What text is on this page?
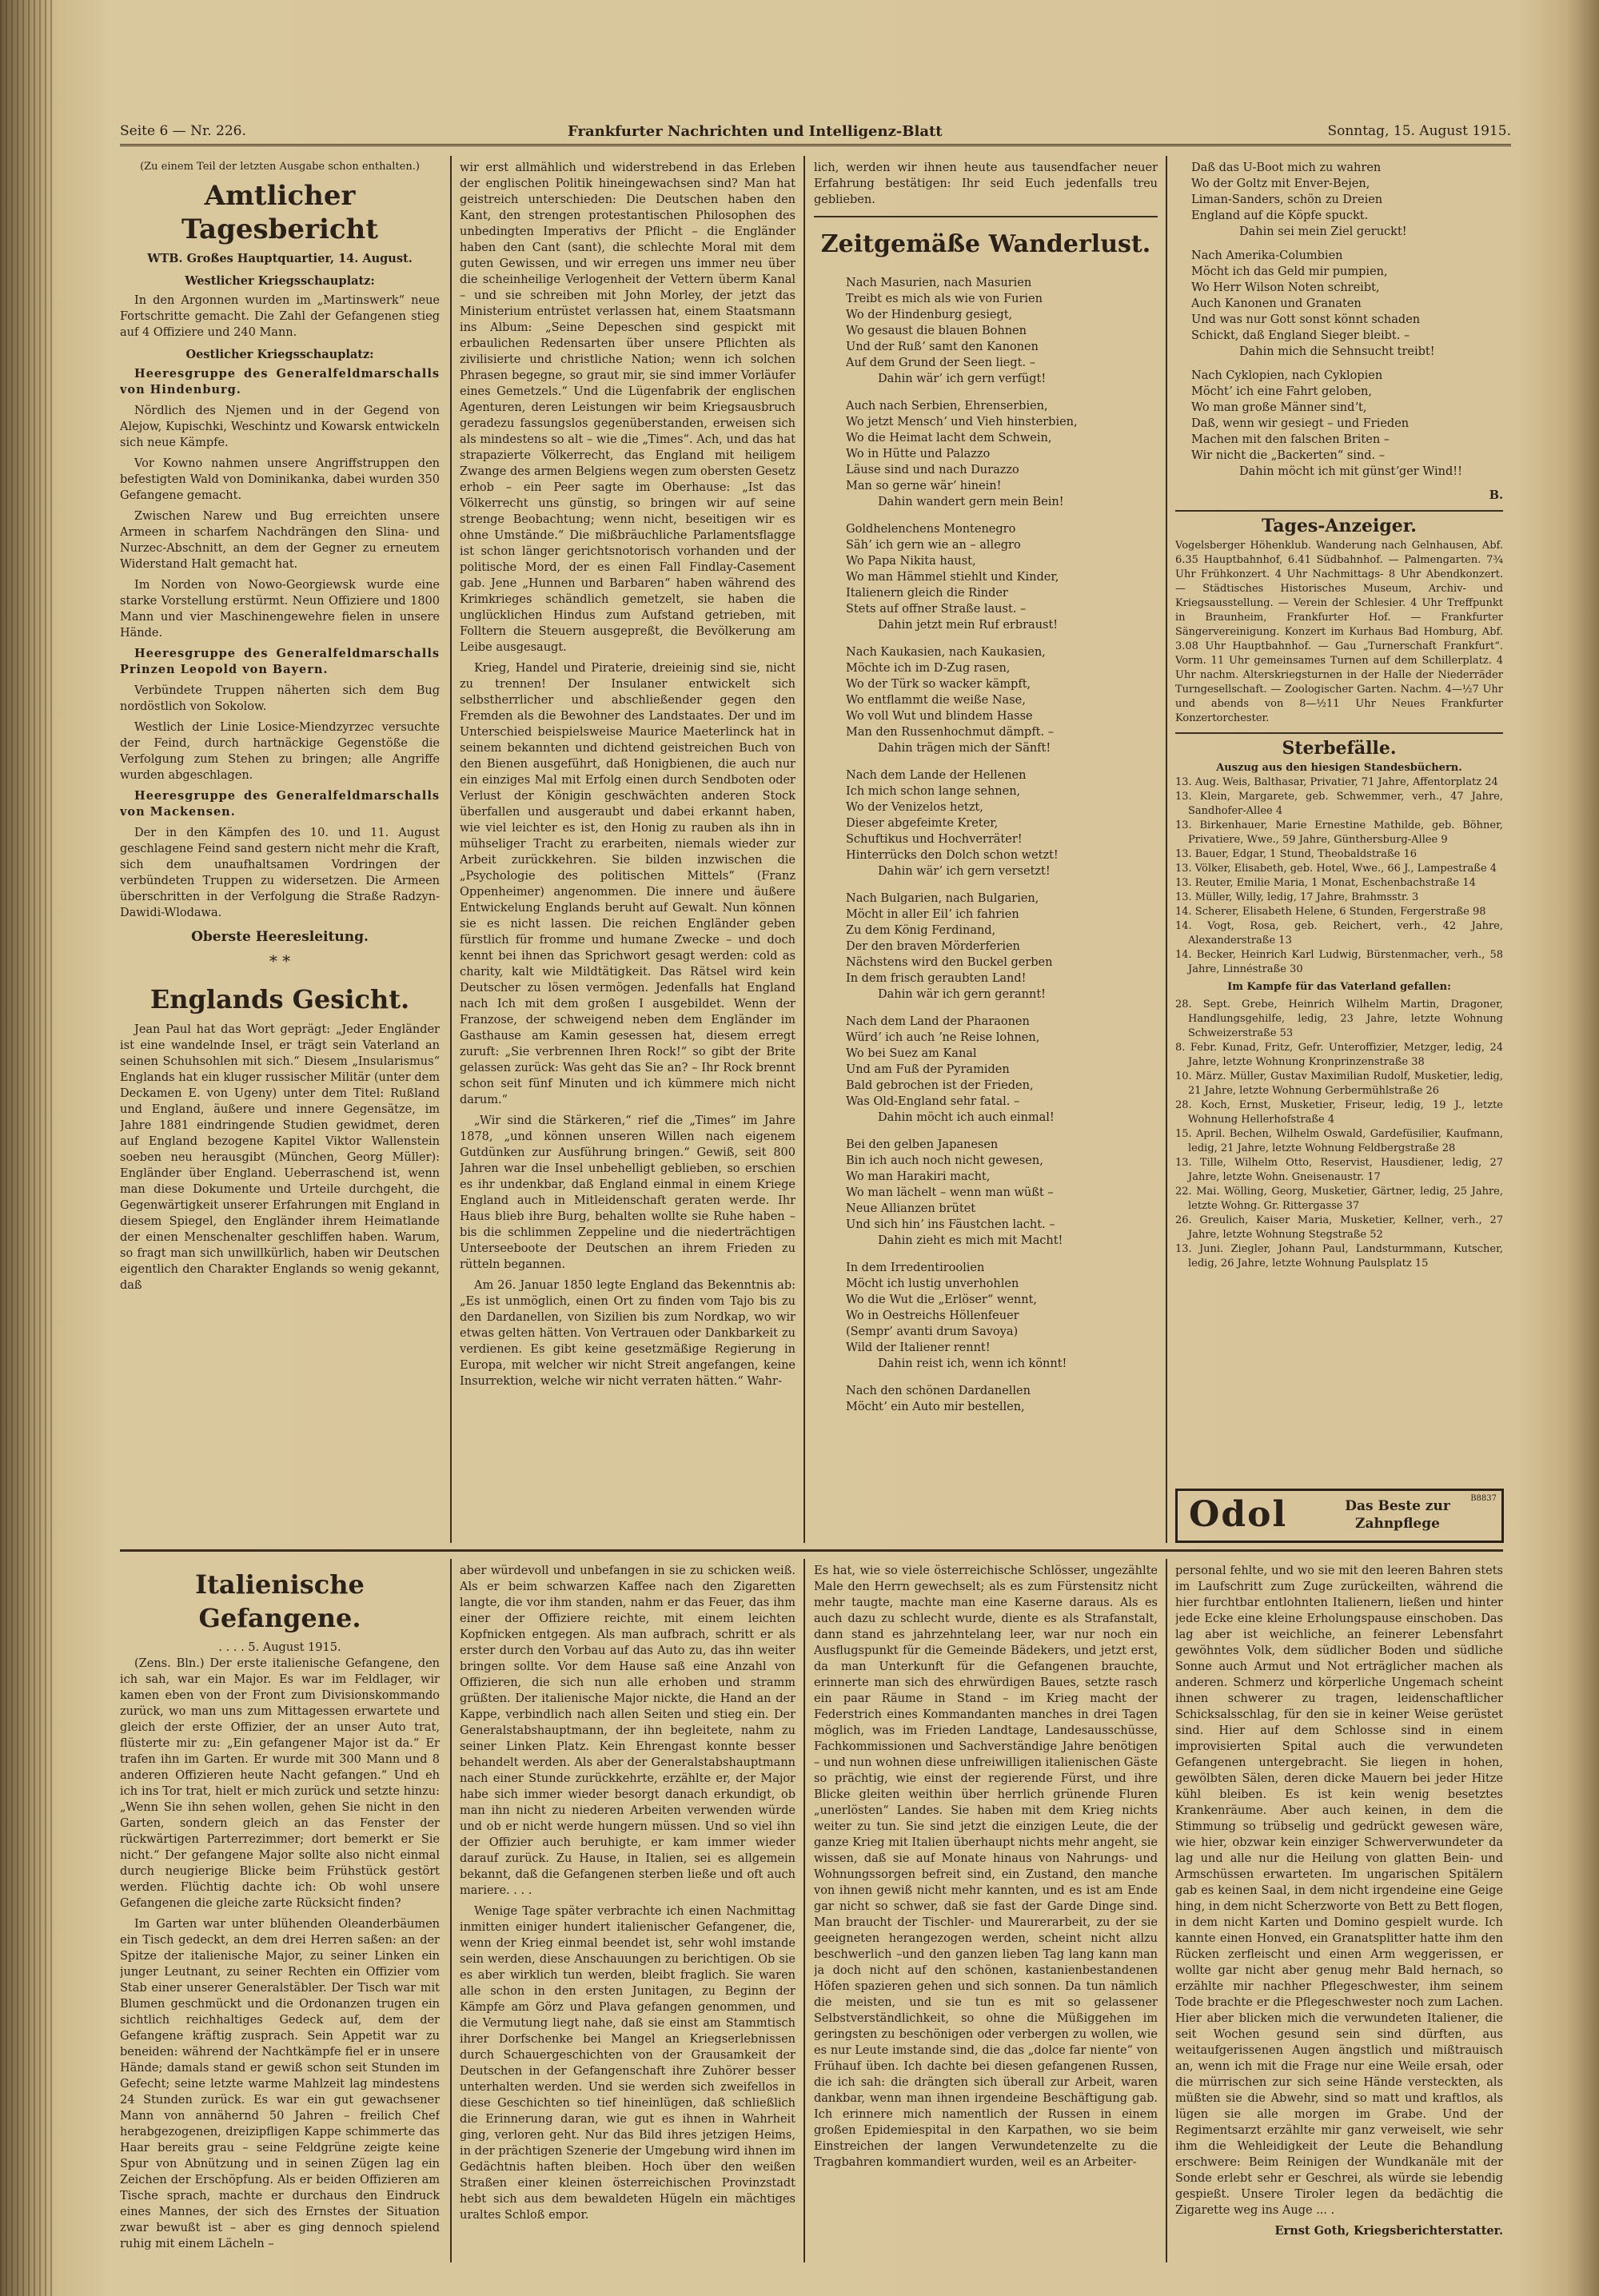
Seite 6 — Nr. 226.	Frankfurter Nachrichten und Intelligenz-Blatt	Sonntag, 15. August 1915.
(Zu einem Teil der letzten Ausgabe schon enthalten.)
Amtlicher Tagesbericht
WTB. Großes Hauptquartier, 14. August.
Westlicher Kriegsschauplatz:

In den Argonnen wurden im „Martinswerk“ neue Fortschritte gemacht. Die Zahl der Gefangenen stieg auf 4 Offiziere und 240 Mann.

Oestlicher Kriegsschauplatz:

Heeresgruppe des Generalfeldmarschalls von Hindenburg.

Nördlich des Njemen und in der Gegend von Alejow, Kupischki, Weschintz und Kowarsk entwickeln sich neue Kämpfe.

Vor Kowno nahmen unsere Angriffstruppen den befestigten Wald von Dominikanka, dabei wurden 350 Gefangene gemacht.

Zwischen Narew und Bug erreichten unsere Armeen in scharfem Nachdrängen den Slina- und Nurzec-Abschnitt, an dem der Gegner zu erneutem Widerstand Halt gemacht hat.

Im Norden von Nowo-Georgiewsk wurde eine starke Vorstellung erstürmt. Neun Offiziere und 1800 Mann und vier Maschinengewehre fielen in unsere Hände.

Heeresgruppe des Generalfeldmarschalls Prinzen Leopold von Bayern.

Verbündete Truppen näherten sich dem Bug nordöstlich von Sokolow.

Westlich der Linie Losice-Miendzyrzec versuchte der Feind, durch hartnäckige Gegenstöße die Verfolgung zum Stehen zu bringen; alle Angriffe wurden abgeschlagen.

Heeresgruppe des Generalfeldmarschalls von Mackensen.

Der in den Kämpfen des 10. und 11. August geschlagene Feind sand gestern nicht mehr die Kraft, sich dem unaufhaltsamen Vordringen der verbündeten Truppen zu widersetzen. Die Armeen überschritten in der Verfolgung die Straße Radzyn-Dawidi-Wlodawa.

Oberste Heeresleitung.
* *
Englands Gesicht.

Jean Paul hat das Wort geprägt: „Jeder Engländer ist eine wandelnde Insel, er trägt sein Vaterland an seinen Schuhsohlen mit sich.“ Diesem „Insularismus“ Englands hat ein kluger russischer Militär (unter dem Deckamen E. von Ugeny) unter dem Titel: Rußland und England, äußere und innere Gegensätze, im Jahre 1881 eindringende Studien gewidmet, deren auf England bezogene Kapitel Viktor Wallenstein soeben neu herausgibt (München, Georg Müller): Engländer über England. Ueberraschend ist, wenn man diese Dokumente und Urteile durchgeht, die Gegenwärtigkeit unserer Erfahrungen mit England in diesem Spiegel, den Engländer ihrem Heimatlande der einen Menschenalter geschliffen haben. Warum, so fragt man sich unwillkürlich, haben wir Deutschen eigentlich den Charakter Englands so wenig gekannt, daß

wir erst allmählich und widerstrebend in das Erleben der englischen Politik hineingewachsen sind? Man hat geistreich unterschieden: Die Deutschen haben den Kant, den strengen protestantischen Philosophen des unbedingten Imperativs der Pflicht – die Engländer haben den Cant (sant), die schlechte Moral mit dem guten Gewissen, und wir erregen uns immer neu über die scheinheilige Verlogenheit der Vettern überm Kanal – und sie schreiben mit John Morley, der jetzt das Ministerium entrüstet verlassen hat, einem Staatsmann ins Album: „Seine Depeschen sind gespickt mit erbaulichen Redensarten über unsere Pflichten als zivilisierte und christliche Nation; wenn ich solchen Phrasen begegne, so graut mir, sie sind immer Vorläufer eines Gemetzels.“ Und die Lügenfabrik der englischen Agenturen, deren Leistungen wir beim Kriegsausbruch geradezu fassungslos gegenüberstanden, erweisen sich als mindestens so alt – wie die „Times“. Ach, und das hat strapazierte Völkerrecht, das England mit heiligem Zwange des armen Belgiens wegen zum obersten Gesetz erhob – ein Peer sagte im Oberhause: „Ist das Völkerrecht uns günstig, so bringen wir auf seine strenge Beobachtung; wenn nicht, beseitigen wir es ohne Umstände.“ Die mißbräuchliche Parlamentsflagge ist schon länger gerichtsnotorisch vorhanden und der politische Mord, der es einen Fall Findlay-Casement gab. Jene „Hunnen und Barbaren“ haben während des Krimkrieges schändlich gemetzelt, sie haben die unglücklichen Hindus zum Aufstand getrieben, mit Folltern die Steuern ausgepreßt, die Bevölkerung am Leibe ausgesaugt.

Krieg, Handel und Piraterie, dreieinig sind sie, nicht zu trennen! Der Insulaner entwickelt sich selbstherrlicher und abschließender gegen den Fremden als die Bewohner des Landstaates. Der und im Unterschied beispielsweise Maurice Maeterlinck hat in seinem bekannten und dichtend geistreichen Buch von den Bienen ausgeführt, daß Honigbienen, die auch nur ein einziges Mal mit Erfolg einen durch Sendboten oder Verlust der Königin geschwächten anderen Stock überfallen und ausgeraubt und dabei erkannt haben, wie viel leichter es ist, den Honig zu rauben als ihn in mühseliger Tracht zu erarbeiten, niemals wieder zur Arbeit zurückkehren. Sie bilden inzwischen die „Psychologie des politischen Mittels“ (Franz Oppenheimer) angenommen. Die innere und äußere Entwickelung Englands beruht auf Gewalt. Nun können sie es nicht lassen. Die reichen Engländer geben fürstlich für fromme und humane Zwecke – und doch kennt bei ihnen das Sprichwort gesagt werden: cold as charity, kalt wie Mildtätigkeit. Das Rätsel wird kein Deutscher zu lösen vermögen. Jedenfalls hat England nach Ich mit dem großen I ausgebildet. Wenn der Franzose, der schweigend neben dem Engländer im Gasthause am Kamin gesessen hat, diesem erregt zuruft: „Sie verbrennen Ihren Rock!“ so gibt der Brite gelassen zurück: Was geht das Sie an? – Ihr Rock brennt schon seit fünf Minuten und ich kümmere mich nicht darum.“

„Wir sind die Stärkeren,“ rief die „Times“ im Jahre 1878, „und können unseren Willen nach eigenem Gutdünken zur Ausführung bringen.“ Gewiß, seit 800 Jahren war die Insel unbehelligt geblieben, so erschien es ihr undenkbar, daß England einmal in einem Kriege England auch in Mitleidenschaft geraten werde. Ihr Haus blieb ihre Burg, behalten wollte sie Ruhe haben – bis die schlimmen Zeppeline und die niederträchtigen Unterseeboote der Deutschen an ihrem Frieden zu rütteln begannen.

Am 26. Januar 1850 legte England das Bekenntnis ab: „Es ist unmöglich, einen Ort zu finden vom Tajo bis zu den Dardanellen, von Sizilien bis zum Nordkap, wo wir etwas gelten hätten. Von Vertrauen oder Dankbarkeit zu verdienen. Es gibt keine gesetzmäßige Regierung in Europa, mit welcher wir nicht Streit angefangen, keine Insurrektion, welche wir nicht verraten hätten.“ Wahr-

lich, werden wir ihnen heute aus tausendfacher neuer Erfahrung bestätigen: Ihr seid Euch jedenfalls treu geblieben.

Zeitgemäße Wanderlust.

Nach Masurien, nach Masurien

Treibt es mich als wie von Furien

Wo der Hindenburg gesiegt,

Wo gesaust die blauen Bohnen

Und der Rußʼ samt den Kanonen

Auf dem Grund der Seen liegt. –

Dahin wärʼ ich gern verfügt!

Auch nach Serbien, Ehrenserbien,

Wo jetzt Menschʼ und Vieh hinsterbien,

Wo die Heimat lacht dem Schwein,

Wo in Hütte und Palazzo

Läuse sind und nach Durazzo

Man so gerne wärʼ hinein!

Dahin wandert gern mein Bein!

Goldhelenchens Montenegro

Sähʼ ich gern wie an – allegro

Wo Papa Nikita haust,

Wo man Hämmel stiehlt und Kinder,

Italienern gleich die Rinder

Stets auf offner Straße laust. –

Dahin jetzt mein Ruf erbraust!

Nach Kaukasien, nach Kaukasien,

Möchte ich im D-Zug rasen,

Wo der Türk so wacker kämpft,

Wo entflammt die weiße Nase,

Wo voll Wut und blindem Hasse

Man den Russenhochmut dämpft. –

Dahin trägen mich der Sänft!

Nach dem Lande der Hellenen

Ich mich schon lange sehnen,

Wo der Venizelos hetzt,

Dieser abgefeimte Kreter,

Schuftikus und Hochverräter!

Hinterrücks den Dolch schon wetzt!

Dahin wärʼ ich gern versetzt!

Nach Bulgarien, nach Bulgarien,

Möcht in aller Eilʼ ich fahrien

Zu dem König Ferdinand,

Der den braven Mörderferien

Nächstens wird den Buckel gerben

In dem frisch geraubten Land!

Dahin wär ich gern gerannt!

Nach dem Land der Pharaonen

Würdʼ ich auch ʼne Reise lohnen,

Wo bei Suez am Kanal

Und am Fuß der Pyramiden

Bald gebrochen ist der Frieden,

Was Old-England sehr fatal. –

Dahin möcht ich auch einmal!

Bei den gelben Japanesen

Bin ich auch noch nicht gewesen,

Wo man Harakiri macht,

Wo man lächelt – wenn man wüßt –

Neue Allianzen brütet

Und sich hinʼ ins Fäustchen lacht. –

Dahin zieht es mich mit Macht!

In dem Irredentiroolien

Möcht ich lustig unverhohlen

Wo die Wut die „Erlöser“ wennt,

Wo in Oestreichs Höllenfeuer

(Sempr’ avanti drum Savoya)

Wild der Italiener rennt!

Dahin reist ich, wenn ich könnt!

Nach den schönen Dardanellen

Möchtʼ ein Auto mir bestellen,

Daß das U-Boot mich zu wahren

Wo der Goltz mit Enver-Bejen,

Liman-Sanders, schön zu Dreien

England auf die Köpfe spuckt.

Dahin sei mein Ziel geruckt!

Nach Amerika-Columbien

Möcht ich das Geld mir pumpien,

Wo Herr Wilson Noten schreibt,

Auch Kanonen und Granaten

Und was nur Gott sonst könnt schaden

Schickt, daß England Sieger bleibt. –

Dahin mich die Sehnsucht treibt!

Nach Cyklopien, nach Cyklopien

Möchtʼ ich eine Fahrt geloben,

Wo man große Männer sindʼt,

Daß, wenn wir gesiegt – und Frieden

Machen mit den falschen Briten –

Wir nicht die „Backerten“ sind. –

Dahin möcht ich mit günstʼger Wind!!

B.
Tages-Anzeiger.

Vogelsberger Höhenklub. Wanderung nach Gelnhausen, Abf. 6.35 Hauptbahnhof, 6.41 Südbahnhof. — Palmengarten. 7¾ Uhr Frühkonzert. 4 Uhr Nachmittags- 8 Uhr Abendkonzert. — Städtisches Historisches Museum, Archiv- und Kriegsausstellung. — Verein der Schlesier. 4 Uhr Treffpunkt in Braunheim, Frankfurter Hof. — Frankfurter Sängervereinigung. Konzert im Kurhaus Bad Homburg, Abf. 3.08 Uhr Hauptbahnhof. — Gau „Turnerschaft Frankfurt“. Vorm. 11 Uhr gemeinsames Turnen auf dem Schillerplatz. 4 Uhr nachm. Alterskriegsturnen in der Halle der Niederräder Turngesellschaft. — Zoologischer Garten. Nachm. 4—½7 Uhr und abends von 8—½11 Uhr Neues Frankfurter Konzertorchester.

Sterbefälle.
Auszug aus den hiesigen Standesbüchern.
13. Aug. Weis, Balthasar, Privatier, 71 Jahre, Affentorplatz 24
13. Klein, Margarete, geb. Schwemmer, verh., 47 Jahre, Sandhofer-Allee 4
13. Birkenhauer, Marie Ernestine Mathilde, geb. Böhner, Privatiere, Wwe., 59 Jahre, Günthersburg-Allee 9
13. Bauer, Edgar, 1 Stund, Theobaldstraße 16
13. Völker, Elisabeth, geb. Hotel, Wwe., 66 J., Lampestraße 4
13. Reuter, Emilie Maria, 1 Monat, Eschenbachstraße 14
13. Müller, Willy, ledig, 17 Jahre, Brahmsstr. 3
14. Scherer, Elisabeth Helene, 6 Stunden, Fergerstraße 98
14. Vogt, Rosa, geb. Reichert, verh., 42 Jahre, Alexanderstraße 13
14. Becker, Heinrich Karl Ludwig, Bürstenmacher, verh., 58 Jahre, Linnéstraße 30
Im Kampfe für das Vaterland gefallen:
28. Sept. Grebe, Heinrich Wilhelm Martin, Dragoner, Handlungsgehilfe, ledig, 23 Jahre, letzte Wohnung Schweizerstraße 53
8. Febr. Kunad, Fritz, Gefr. Unteroffizier, Metzger, ledig, 24 Jahre, letzte Wohnung Kronprinzenstraße 38
10. März. Müller, Gustav Maximilian Rudolf, Musketier, ledig, 21 Jahre, letzte Wohnung Gerbermühlstraße 26
28. Koch, Ernst, Musketier, Friseur, ledig, 19 J., letzte Wohnung Hellerhofstraße 4
15. April. Bechen, Wilhelm Oswald, Gardefüsilier, Kaufmann, ledig, 21 Jahre, letzte Wohnung Feldbergstraße 28
13. Tille, Wilhelm Otto, Reservist, Hausdiener, ledig, 27 Jahre, letzte Wohn. Gneisenaustr. 17
22. Mai. Wölling, Georg, Musketier, Gärtner, ledig, 25 Jahre, letzte Wohng. Gr. Rittergasse 37
26. Greulich, Kaiser Maria, Musketier, Kellner, verh., 27 Jahre, letzte Wohnung Stegstraße 52
13. Juni. Ziegler, Johann Paul, Landsturmmann, Kutscher, ledig, 26 Jahre, letzte Wohnung Paulsplatz 15
Odol	Das Beste zur Zahnpflege
B8837
Italienische Gefangene.
. . . . 5. August 1915.

(Zens. Bln.) Der erste italienische Gefangene, den ich sah, war ein Major. Es war im Feldlager, wir kamen eben von der Front zum Divisionskommando zurück, wo man uns zum Mittagessen erwartete und gleich der erste Offizier, der an unser Auto trat, flüsterte mir zu: „Ein gefangener Major ist da.“ Er trafen ihn im Garten. Er wurde mit 300 Mann und 8 anderen Offizieren heute Nacht gefangen.“ Und eh ich ins Tor trat, hielt er mich zurück und setzte hinzu: „Wenn Sie ihn sehen wollen, gehen Sie nicht in den Garten, sondern gleich an das Fenster der rückwärtigen Parterrezimmer; dort bemerkt er Sie nicht.“ Der gefangene Major sollte also nicht einmal durch neugierige Blicke beim Frühstück gestört werden. Flüchtig dachte ich: Ob wohl unsere Gefangenen die gleiche zarte Rücksicht finden?

Im Garten war unter blühenden Oleanderbäumen ein Tisch gedeckt, an dem drei Herren saßen: an der Spitze der italienische Major, zu seiner Linken ein junger Leutnant, zu seiner Rechten ein Offizier vom Stab einer unserer Generalstäbler. Der Tisch war mit Blumen geschmückt und die Ordonanzen trugen ein sichtlich reichhaltiges Gedeck auf, dem der Gefangene kräftig zusprach. Sein Appetit war zu beneiden: während der Nachtkämpfe fiel er in unsere Hände; damals stand er gewiß schon seit Stunden im Gefecht; seine letzte warme Mahlzeit lag mindestens 24 Stunden zurück. Es war ein gut gewachsener Mann von annähernd 50 Jahren – freilich Chef herabgezogenen, dreizipfligen Kappe schimmerte das Haar bereits grau – seine Feldgrüne zeigte keine Spur von Abnützung und in seinen Zügen lag ein Zeichen der Erschöpfung. Als er beiden Offizieren am Tische sprach, machte er durchaus den Eindruck eines Mannes, der sich des Ernstes der Situation zwar bewußt ist – aber es ging dennoch spielend ruhig mit einem Lächeln –

aber würdevoll und unbefangen in sie zu schicken weiß. Als er beim schwarzen Kaffee nach den Zigaretten langte, die vor ihm standen, nahm er das Feuer, das ihm einer der Offiziere reichte, mit einem leichten Kopfnicken entgegen. Als man aufbrach, schritt er als erster durch den Vorbau auf das Auto zu, das ihn weiter bringen sollte. Vor dem Hause saß eine Anzahl von Offizieren, die sich nun alle erhoben und stramm grüßten. Der italienische Major nickte, die Hand an der Kappe, verbindlich nach allen Seiten und stieg ein. Der Generalstabshauptmann, der ihn begleitete, nahm zu seiner Linken Platz. Kein Ehrengast konnte besser behandelt werden. Als aber der Generalstabshauptmann nach einer Stunde zurückkehrte, erzählte er, der Major habe sich immer wieder besorgt danach erkundigt, ob man ihn nicht zu niederen Arbeiten verwenden würde und ob er nicht werde hungern müssen. Und so viel ihn der Offizier auch beruhigte, er kam immer wieder darauf zurück. Zu Hause, in Italien, sei es allgemein bekannt, daß die Gefangenen sterben ließe und oft auch mariere. . . .

Wenige Tage später verbrachte ich einen Nachmittag inmitten einiger hundert italienischer Gefangener, die, wenn der Krieg einmal beendet ist, sehr wohl imstande sein werden, diese Anschauungen zu berichtigen. Ob sie es aber wirklich tun werden, bleibt fraglich. Sie waren alle schon in den ersten Junitagen, zu Beginn der Kämpfe am Görz und Plava gefangen genommen, und die Vermutung liegt nahe, daß sie einst am Stammtisch ihrer Dorfschenke bei Mangel an Kriegserlebnissen durch Schauergeschichten von der Grausamkeit der Deutschen in der Gefangenschaft ihre Zuhörer besser unterhalten werden. Und sie werden sich zweifellos in diese Geschichten so tief hineinlügen, daß schließlich die Erinnerung daran, wie gut es ihnen in Wahrheit ging, verloren geht. Nur das Bild ihres jetzigen Heims, in der prächtigen Szenerie der Umgebung wird ihnen im Gedächtnis haften bleiben. Hoch über den weißen Straßen einer kleinen österreichischen Provinzstadt hebt sich aus dem bewaldeten Hügeln ein mächtiges uraltes Schloß empor.

Es hat, wie so viele österreichische Schlösser, ungezählte Male den Herrn gewechselt; als es zum Fürstensitz nicht mehr taugte, machte man eine Kaserne daraus. Als es auch dazu zu schlecht wurde, diente es als Strafanstalt, dann stand es jahrzehntelang leer, war nur noch ein Ausflugspunkt für die Gemeinde Bädekers, und jetzt erst, da man Unterkunft für die Gefangenen brauchte, erinnerte man sich des ehrwürdigen Baues, setzte rasch ein paar Räume in Stand – im Krieg macht der Federstrich eines Kommandanten manches in drei Tagen möglich, was im Frieden Landtage, Landesausschüsse, Fachkommissionen und Sachverständige Jahre benötigen – und nun wohnen diese unfreiwilligen italienischen Gäste so prächtig, wie einst der regierende Fürst, und ihre Blicke gleiten weithin über herrlich grünende Fluren „unerlösten“ Landes. Sie haben mit dem Krieg nichts weiter zu tun. Sie sind jetzt die einzigen Leute, die der ganze Krieg mit Italien überhaupt nichts mehr angeht, sie wissen, daß sie auf Monate hinaus von Nahrungs- und Wohnungssorgen befreit sind, ein Zustand, den manche von ihnen gewiß nicht mehr kannten, und es ist am Ende gar nicht so schwer, daß sie fast der Garde Dinge sind. Man braucht der Tischler- und Maurerarbeit, zu der sie geeigneten herangezogen werden, scheint nicht allzu beschwerlich –und den ganzen lieben Tag lang kann man ja doch nicht auf den schönen, kastanienbestandenen Höfen spazieren gehen und sich sonnen. Da tun nämlich die meisten, und sie tun es mit so gelassener Selbstverständlichkeit, so ohne die Müßiggehen im geringsten zu beschönigen oder verbergen zu wollen, wie es nur Leute imstande sind, die das „dolce far niente“ von Frühauf üben. Ich dachte bei diesen gefangenen Russen, die ich sah: die drängten sich überall zur Arbeit, waren dankbar, wenn man ihnen irgendeine Beschäftigung gab. Ich erinnere mich namentlich der Russen in einem großen Epidemiespital in den Karpathen, wo sie beim Einstreichen der langen Verwundetenzelte zu die Tragbahren kommandiert wurden, weil es an Arbeiter-

personal fehlte, und wo sie mit den leeren Bahren stets im Laufschritt zum Zuge zurückeilten, während die hier furchtbar entlohnten Italienern, ließen und hinter jede Ecke eine kleine Erholungspause einschoben. Das lag aber ist weichliche, an feinerer Lebensfahrt gewöhntes Volk, dem südlicher Boden und südliche Sonne auch Armut und Not erträglicher machen als anderen. Schmerz und körperliche Ungemach scheint ihnen schwerer zu tragen, leidenschaftlicher Schicksalsschlag, für den sie in keiner Weise gerüstet sind. Hier auf dem Schlosse sind in einem improvisierten Spital auch die verwundeten Gefangenen untergebracht. Sie liegen in hohen, gewölbten Sälen, deren dicke Mauern bei jeder Hitze kühl bleiben. Es ist kein wenig besetztes Krankenräume. Aber auch keinen, in dem die Stimmung so trübselig und gedrückt gewesen wäre, wie hier, obzwar kein einziger Schwerverwundeter da lag und alle nur die Heilung von glatten Bein- und Armschüssen erwarteten. Im ungarischen Spitälern gab es keinen Saal, in dem nicht irgendeine eine Geige hing, in dem nicht Scherzworte von Bett zu Bett flogen, in dem nicht Karten und Domino gespielt wurde. Ich kannte einen Honved, ein Granatsplitter hatte ihm den Rücken zerfleischt und einen Arm weggerissen, er wollte gar nicht aber genug mehr Bald hernach, so erzählte mir nachher Pflegeschwester, ihm seinem Tode brachte er die Pflegeschwester noch zum Lachen. Hier aber blicken mich die verwundeten Italiener, die seit Wochen gesund sein sind dürften, aus weitaufgerissenen Augen ängstlich und mißtrauisch an, wenn ich mit die Frage nur eine Weile ersah, oder die mürrischen zur sich seine Hände versteckten, als müßten sie die Abwehr, sind so matt und kraftlos, als lügen sie alle morgen im Grabe. Und der Regimentsarzt erzählte mir ganz verweiselt, wie sehr ihm die Wehleidigkeit der Leute die Behandlung erschwere: Beim Reinigen der Wundkanäle mit der Sonde erlebt sehr er Geschrei, als würde sie lebendig gespießt. Unsere Tiroler legen da bedächtig die Zigarette weg ins Auge ... .

Ernst Goth, Kriegsberichterstatter.
